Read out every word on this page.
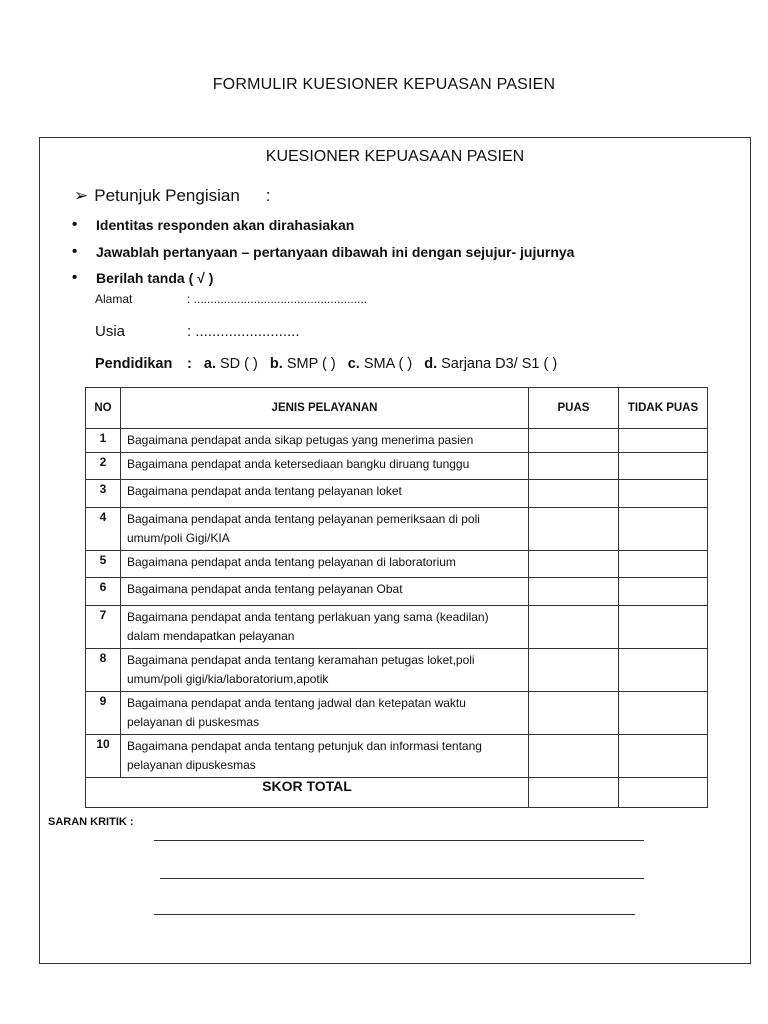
FORMULIR KUESIONER KEPUASAN PASIEN
KUESIONER KEPUASAAN PASIEN
➢ Petunjuk Pengisian :
• Identitas responden akan dirahasiakan
• Jawablah pertanyaan – pertanyaan dibawah ini dengan sejujur- jujurnya
• Berilah tanda ( √ )
Alamat	: ....................................................
Usia	: .........................
Pendidikan : a. SD ( ) b. SMP ( ) c. SMA ( ) d. Sarjana D3/ S1 ( )
NO	JENIS PELAYANAN	PUAS	TIDAK PUAS
1	Bagaimana pendapat anda sikap petugas yang menerima pasien		
2	Bagaimana pendapat anda ketersediaan bangku diruang tunggu		
3	Bagaimana pendapat anda tentang pelayanan loket		
4	Bagaimana pendapat anda tentang pelayanan pemeriksaan di poli umum/poli Gigi/KIA		
5	Bagaimana pendapat anda tentang pelayanan di laboratorium		
6	Bagaimana pendapat anda tentang pelayanan Obat		
7	Bagaimana pendapat anda tentang perlakuan yang sama (keadilan) dalam mendapatkan pelayanan		
8	Bagaimana pendapat anda tentang keramahan petugas loket,poli umum/poli gigi/kia/laboratorium,apotik		
9	Bagaimana pendapat anda tentang jadwal dan ketepatan waktu pelayanan di puskesmas		
10	Bagaimana pendapat anda tentang petunjuk dan informasi tentang pelayanan dipuskesmas		
SKOR TOTAL			
SARAN KRITIK :
